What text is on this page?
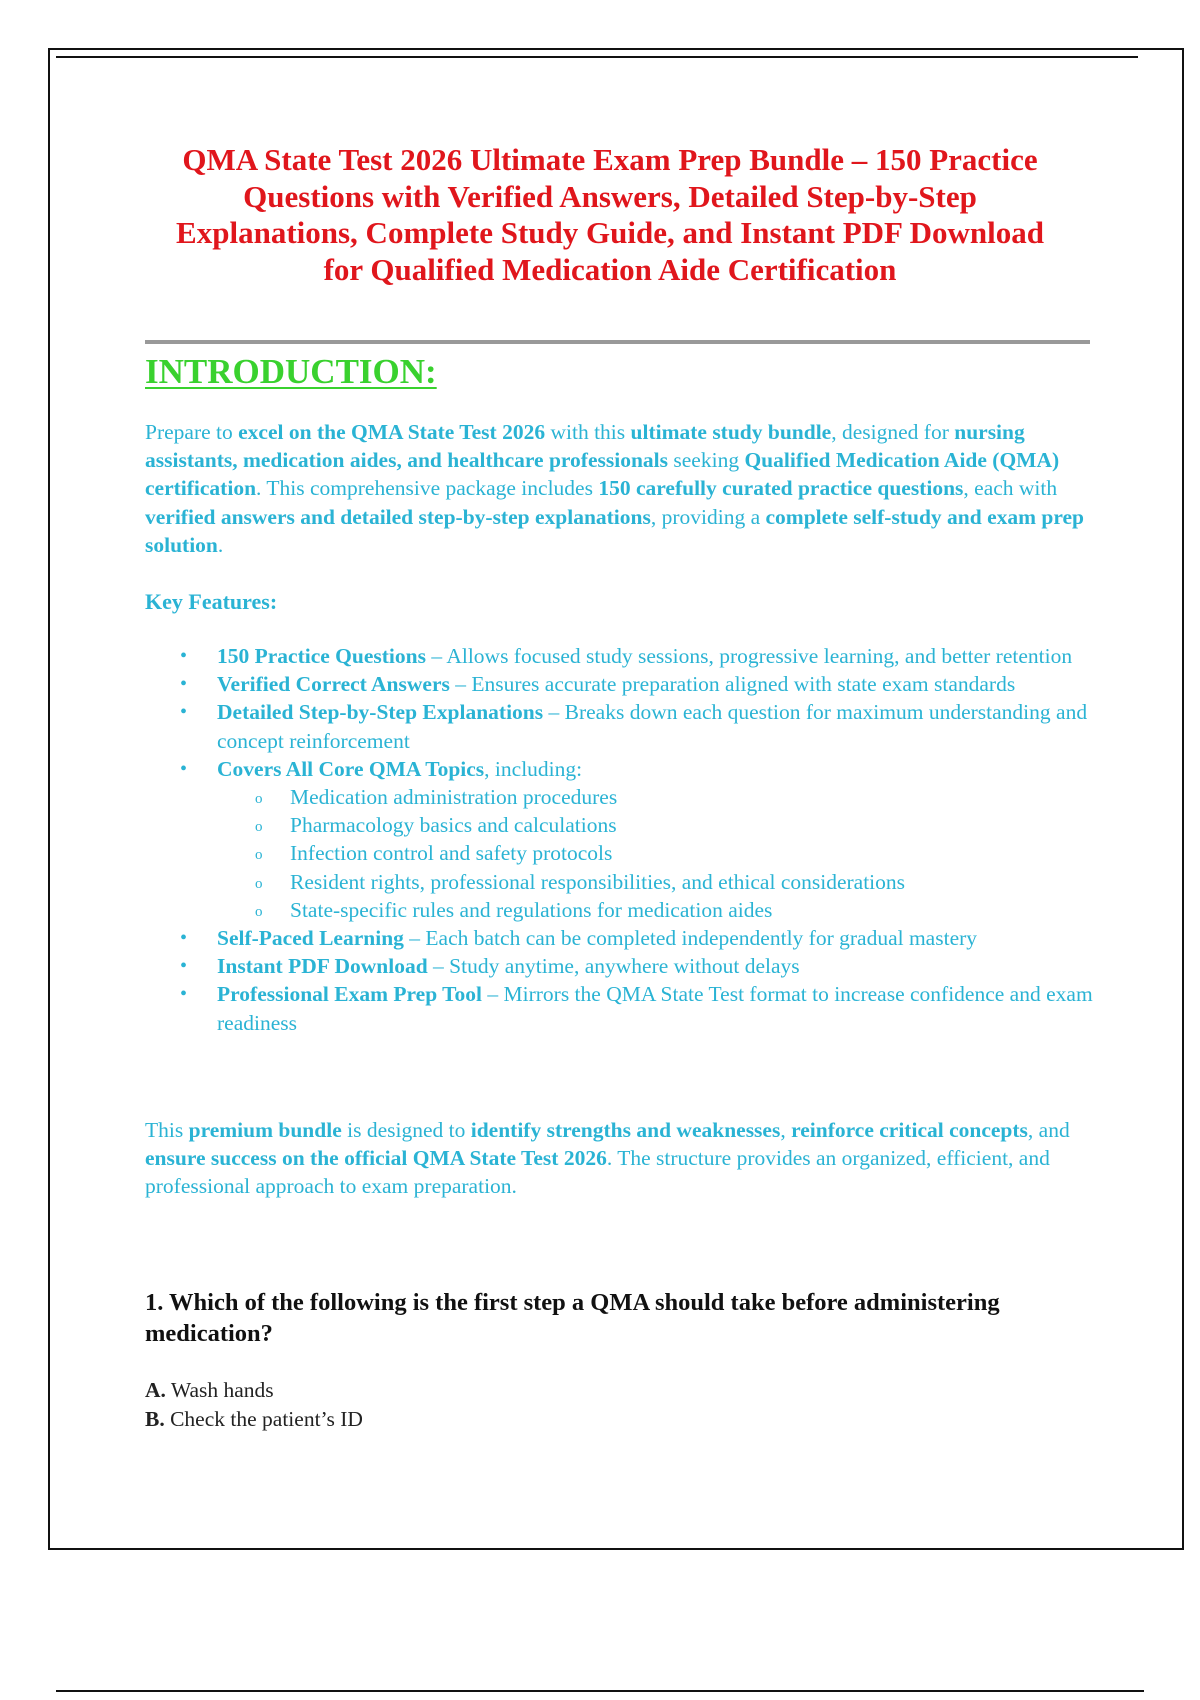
QMA State Test 2026 Ultimate Exam Prep Bundle – 150 Practice
Questions with Verified Answers, Detailed Step-by-Step
Explanations, Complete Study Guide, and Instant PDF Download
for Qualified Medication Aide Certification
INTRODUCTION:

Prepare to excel on the QMA State Test 2026 with this ultimate study bundle, designed for nursing assistants, medication aides, and healthcare professionals seeking Qualified Medication Aide (QMA) certification. This comprehensive package includes 150 carefully curated practice questions, each with verified answers and detailed step-by-step explanations, providing a complete self-study and exam prep solution.

Key Features:
• 150 Practice Questions – Allows focused study sessions, progressive learning, and better retention
• Verified Correct Answers – Ensures accurate preparation aligned with state exam standards
• Detailed Step-by-Step Explanations – Breaks down each question for maximum understanding and concept reinforcement
• Covers All Core QMA Topics, including:
o Medication administration procedures
o Pharmacology basics and calculations
o Infection control and safety protocols
o Resident rights, professional responsibilities, and ethical considerations
o State-specific rules and regulations for medication aides
• Self-Paced Learning – Each batch can be completed independently for gradual mastery
• Instant PDF Download – Study anytime, anywhere without delays
• Professional Exam Prep Tool – Mirrors the QMA State Test format to increase confidence and exam readiness

This premium bundle is designed to identify strengths and weaknesses, reinforce critical concepts, and ensure success on the official QMA State Test 2026. The structure provides an organized, efficient, and professional approach to exam preparation.

1. Which of the following is the first step a QMA should take before administering medication?

A. Wash hands
B. Check the patient’s ID
